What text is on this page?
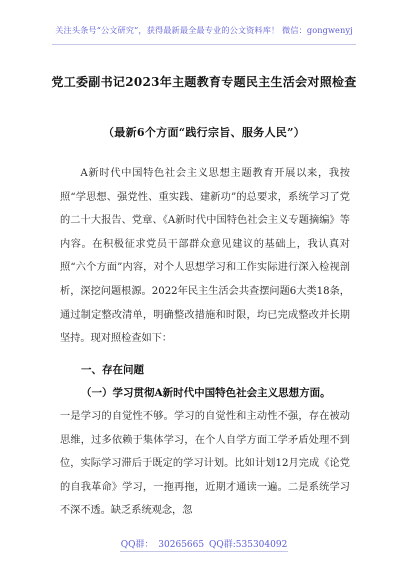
关注头条号“公文研究”，获得最新最全最专业的公文资料库！ 微信：gongwenyj
党工委副书记2023年主题教育专题民主生活会对照检查
（最新6个方面“践行宗旨、服务人民”）
A新时代中国特色社会主义思想主题教育开展以来，我按照“学思想、强党性、重实践、建新功”的总要求，系统学习了党的二十大报告、党章、《A新时代中国特色社会主义专题摘编》等内容。在积极征求党员干部群众意见建议的基础上，我认真对照“六个方面”内容，对个人思想学习和工作实际进行深入检视剖析，深挖问题根源。2022年民主生活会共查摆问题6大类18条，通过制定整改清单，明确整改措施和时限，均已完成整改并长期坚持。现对照检查如下：
一、存在问题
（一）学习贯彻A新时代中国特色社会主义思想方面。
一是学习的自觉性不够。学习的自觉性和主动性不强，存在被动思维，过多依赖于集体学习，在个人自学方面工学矛盾处理不到位，实际学习滞后于既定的学习计划。比如计划12月完成《论党的自我革命》学习，一拖再拖，近期才通读一遍。二是系统学习不深不透。缺乏系统观念，忽
QQ群： 30265665 QQ群:535304092
